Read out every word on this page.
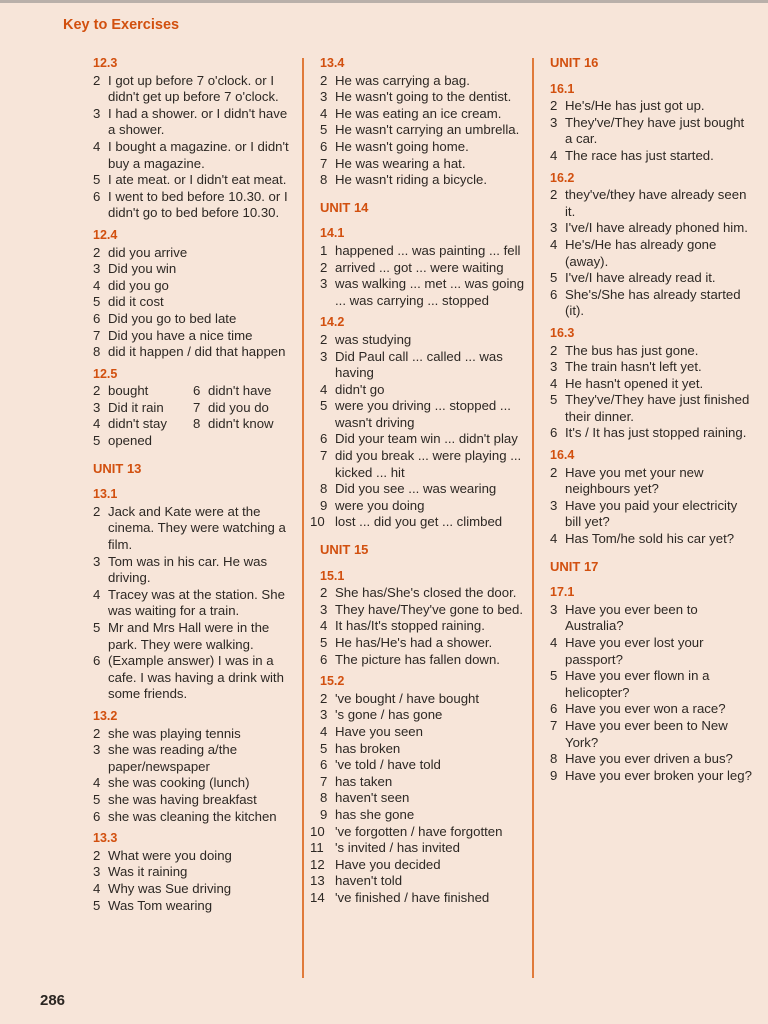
Key to Exercises
12.3
2 I got up before 7 o'clock. or I didn't get up before 7 o'clock.
3 I had a shower. or I didn't have a shower.
4 I bought a magazine. or I didn't buy a magazine.
5 I ate meat. or I didn't eat meat.
6 I went to bed before 10.30. or I didn't go to bed before 10.30.
12.4
2 did you arrive
3 Did you win
4 did you go
5 did it cost
6 Did you go to bed late
7 Did you have a nice time
8 did it happen / did that happen
12.5
2 bought
3 Did it rain
4 didn't stay
5 opened
6 didn't have
7 did you do
8 didn't know
UNIT 13
13.1
2 Jack and Kate were at the cinema. They were watching a film.
3 Tom was in his car. He was driving.
4 Tracey was at the station. She was waiting for a train.
5 Mr and Mrs Hall were in the park. They were walking.
6 (Example answer) I was in a cafe. I was having a drink with some friends.
13.2
2 she was playing tennis
3 she was reading a/the paper/newspaper
4 she was cooking (lunch)
5 she was having breakfast
6 she was cleaning the kitchen
13.3
2 What were you doing
3 Was it raining
4 Why was Sue driving
5 Was Tom wearing
13.4
2 He was carrying a bag.
3 He wasn't going to the dentist.
4 He was eating an ice cream.
5 He wasn't carrying an umbrella.
6 He wasn't going home.
7 He was wearing a hat.
8 He wasn't riding a bicycle.
UNIT 14
14.1
1 happened ... was painting ... fell
2 arrived ... got ... were waiting
3 was walking ... met ... was going ... was carrying ... stopped
14.2
2 was studying
3 Did Paul call ... called ... was having
4 didn't go
5 were you driving ... stopped ... wasn't driving
6 Did your team win ... didn't play
7 did you break ... were playing ... kicked ... hit
8 Did you see ... was wearing
9 were you doing
10 lost ... did you get ... climbed
UNIT 15
15.1
2 She has/She's closed the door.
3 They have/They've gone to bed.
4 It has/It's stopped raining.
5 He has/He's had a shower.
6 The picture has fallen down.
15.2
2 've bought / have bought
3 's gone / has gone
4 Have you seen
5 has broken
6 've told / have told
7 has taken
8 haven't seen
9 has she gone
10 've forgotten / have forgotten
11 's invited / has invited
12 Have you decided
13 haven't told
14 've finished / have finished
UNIT 16
16.1
2 He's/He has just got up.
3 They've/They have just bought a car.
4 The race has just started.
16.2
2 they've/they have already seen it.
3 I've/I have already phoned him.
4 He's/He has already gone (away).
5 I've/I have already read it.
6 She's/She has already started (it).
16.3
2 The bus has just gone.
3 The train hasn't left yet.
4 He hasn't opened it yet.
5 They've/They have just finished their dinner.
6 It's / It has just stopped raining.
16.4
2 Have you met your new neighbours yet?
3 Have you paid your electricity bill yet?
4 Has Tom/he sold his car yet?
UNIT 17
17.1
3 Have you ever been to Australia?
4 Have you ever lost your passport?
5 Have you ever flown in a helicopter?
6 Have you ever won a race?
7 Have you ever been to New York?
8 Have you ever driven a bus?
9 Have you ever broken your leg?
286
